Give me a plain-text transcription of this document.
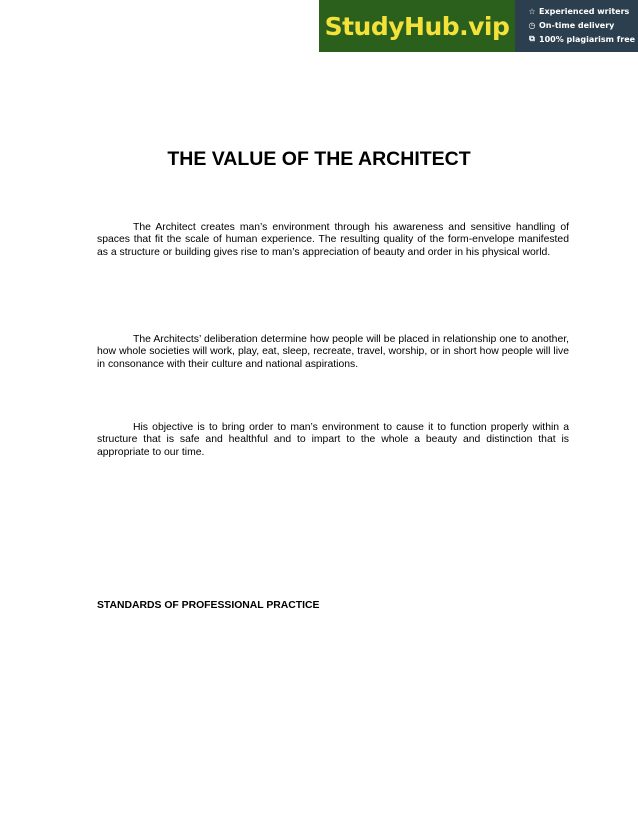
StudyHub.vip
☆ Experienced writers
◷ On-time delivery
⧉ 100% plagiarism free
THE VALUE OF THE ARCHITECT

The Architect creates man’s environment through his awareness and sensitive handling of spaces that fit the scale of human experience. The resulting quality of the form-envelope manifested as a structure or building gives rise to man’s appreciation of beauty and order in his physical world.

The Architects’ deliberation determine how people will be placed in relationship one to another, how whole societies will work, play, eat, sleep, recreate, travel, worship, or in short how people will live in consonance with their culture and national aspirations.

His objective is to bring order to man’s environment to cause it to function properly within a structure that is safe and healthful and to impart to the whole a beauty and distinction that is appropriate to our time.

STANDARDS OF PROFESSIONAL PRACTICE
